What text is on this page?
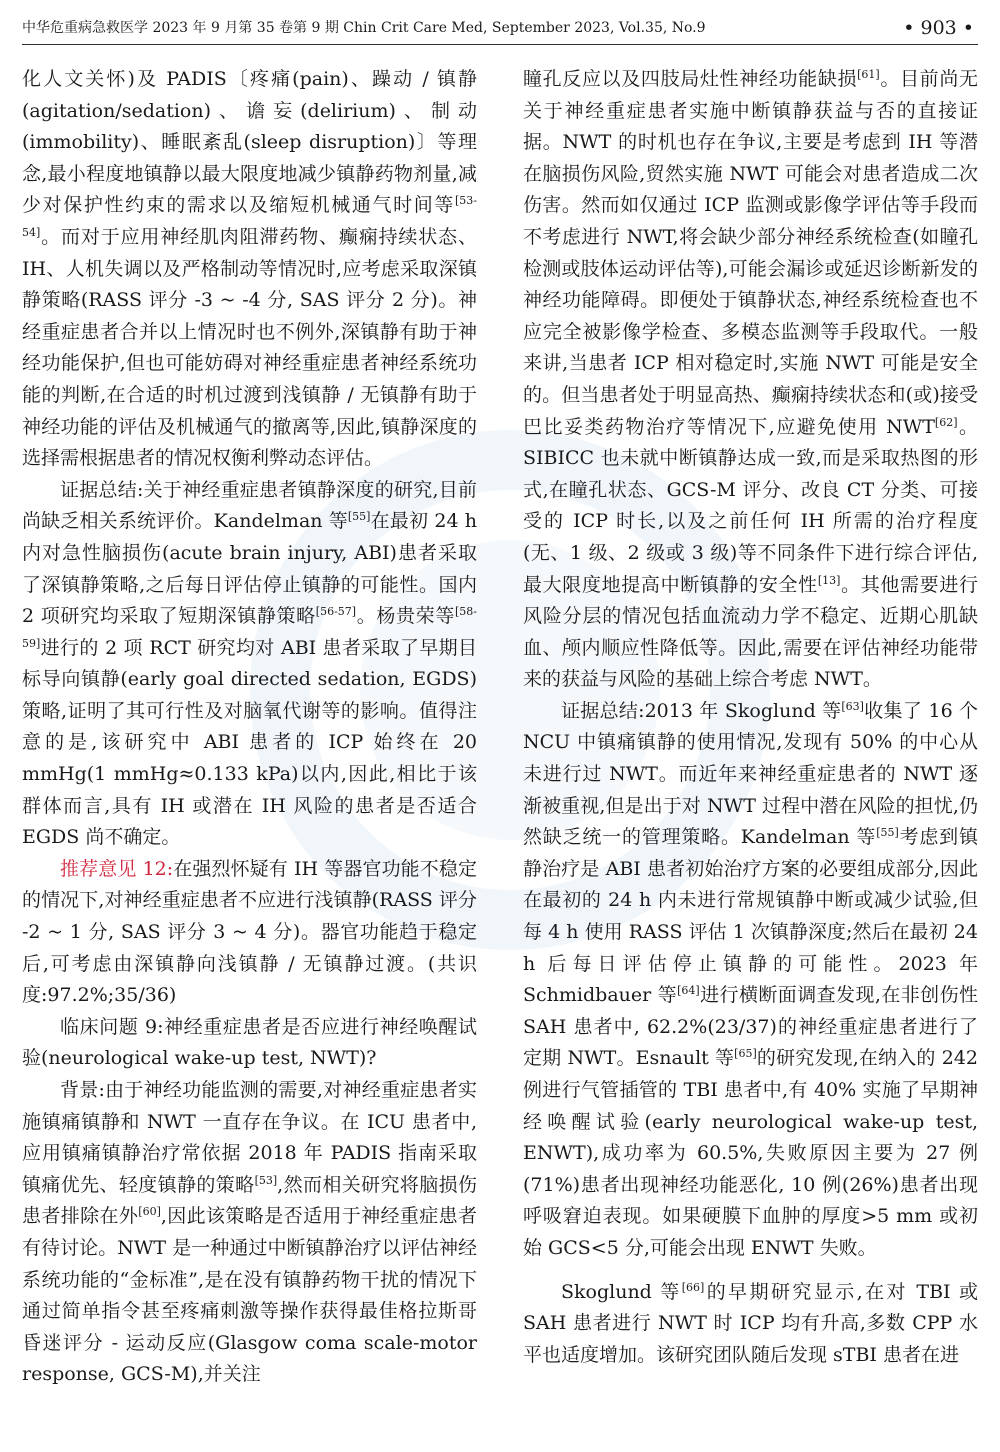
中华危重病急救医学 2023 年 9 月第 35 卷第 9 期 Chin Crit Care Med, September 2023, Vol.35, No.9	• 903 •

化人文关怀)及 PADIS〔疼痛(pain)、躁动 / 镇静(agitation/sedation)、谵妄(delirium)、制动(immobility)、睡眠紊乱(sleep disruption)〕等理念,最小程度地镇静以最大限度地减少镇静药物剂量,减少对保护性约束的需求以及缩短机械通气时间等[53-54]。而对于应用神经肌肉阻滞药物、癫痫持续状态、IH、人机失调以及严格制动等情况时,应考虑采取深镇静策略(RASS 评分 -3 ~ -4 分, SAS 评分 2 分)。神经重症患者合并以上情况时也不例外,深镇静有助于神经功能保护,但也可能妨碍对神经重症患者神经系统功能的判断,在合适的时机过渡到浅镇静 / 无镇静有助于神经功能的评估及机械通气的撤离等,因此,镇静深度的选择需根据患者的情况权衡利弊动态评估。

证据总结:关于神经重症患者镇静深度的研究,目前尚缺乏相关系统评价。Kandelman 等[55]在最初 24 h 内对急性脑损伤(acute brain injury, ABI)患者采取了深镇静策略,之后每日评估停止镇静的可能性。国内 2 项研究均采取了短期深镇静策略[56-57]。杨贵荣等[58-59]进行的 2 项 RCT 研究均对 ABI 患者采取了早期目标导向镇静(early goal directed sedation, EGDS)策略,证明了其可行性及对脑氧代谢等的影响。值得注意的是,该研究中 ABI 患者的 ICP 始终在 20 mmHg(1 mmHg≈0.133 kPa)以内,因此,相比于该群体而言,具有 IH 或潜在 IH 风险的患者是否适合 EGDS 尚不确定。

推荐意见 12:在强烈怀疑有 IH 等器官功能不稳定的情况下,对神经重症患者不应进行浅镇静(RASS 评分 -2 ~ 1 分, SAS 评分 3 ~ 4 分)。器官功能趋于稳定后,可考虑由深镇静向浅镇静 / 无镇静过渡。(共识度:97.2%;35/36)

临床问题 9:神经重症患者是否应进行神经唤醒试验(neurological wake-up test, NWT)?

背景:由于神经功能监测的需要,对神经重症患者实施镇痛镇静和 NWT 一直存在争议。在 ICU 患者中,应用镇痛镇静治疗常依据 2018 年 PADIS 指南采取镇痛优先、轻度镇静的策略[53],然而相关研究将脑损伤患者排除在外[60],因此该策略是否适用于神经重症患者有待讨论。NWT 是一种通过中断镇静治疗以评估神经系统功能的“金标准”,是在没有镇静药物干扰的情况下通过简单指令甚至疼痛刺激等操作获得最佳格拉斯哥昏迷评分 - 运动反应(Glasgow coma scale-motor response, GCS-M),并关注

瞳孔反应以及四肢局灶性神经功能缺损[61]。目前尚无关于神经重症患者实施中断镇静获益与否的直接证据。NWT 的时机也存在争议,主要是考虑到 IH 等潜在脑损伤风险,贸然实施 NWT 可能会对患者造成二次伤害。然而如仅通过 ICP 监测或影像学评估等手段而不考虑进行 NWT,将会缺少部分神经系统检查(如瞳孔检测或肢体运动评估等),可能会漏诊或延迟诊断新发的神经功能障碍。即便处于镇静状态,神经系统检查也不应完全被影像学检查、多模态监测等手段取代。一般来讲,当患者 ICP 相对稳定时,实施 NWT 可能是安全的。但当患者处于明显高热、癫痫持续状态和(或)接受巴比妥类药物治疗等情况下,应避免使用 NWT[62]。SIBICC 也未就中断镇静达成一致,而是采取热图的形式,在瞳孔状态、GCS-M 评分、改良 CT 分类、可接受的 ICP 时长,以及之前任何 IH 所需的治疗程度(无、1 级、2 级或 3 级)等不同条件下进行综合评估,最大限度地提高中断镇静的安全性[13]。其他需要进行风险分层的情况包括血流动力学不稳定、近期心肌缺血、颅内顺应性降低等。因此,需要在评估神经功能带来的获益与风险的基础上综合考虑 NWT。

证据总结:2013 年 Skoglund 等[63]收集了 16 个 NCU 中镇痛镇静的使用情况,发现有 50% 的中心从未进行过 NWT。而近年来神经重症患者的 NWT 逐渐被重视,但是出于对 NWT 过程中潜在风险的担忧,仍然缺乏统一的管理策略。Kandelman 等[55]考虑到镇静治疗是 ABI 患者初始治疗方案的必要组成部分,因此在最初的 24 h 内未进行常规镇静中断或减少试验,但每 4 h 使用 RASS 评估 1 次镇静深度;然后在最初 24 h 后每日评估停止镇静的可能性。2023 年 Schmidbauer 等[64]进行横断面调查发现,在非创伤性 SAH 患者中, 62.2%(23/37)的神经重症患者进行了定期 NWT。Esnault 等[65]的研究发现,在纳入的 242 例进行气管插管的 TBI 患者中,有 40% 实施了早期神经唤醒试验(early neurological wake-up test, ENWT),成功率为 60.5%,失败原因主要为 27 例(71%)患者出现神经功能恶化, 10 例(26%)患者出现呼吸窘迫表现。如果硬膜下血肿的厚度>5 mm 或初始 GCS<5 分,可能会出现 ENWT 失败。

Skoglund 等[66]的早期研究显示,在对 TBI 或 SAH 患者进行 NWT 时 ICP 均有升高,多数 CPP 水平也适度增加。该研究团队随后发现 sTBI 患者在进
